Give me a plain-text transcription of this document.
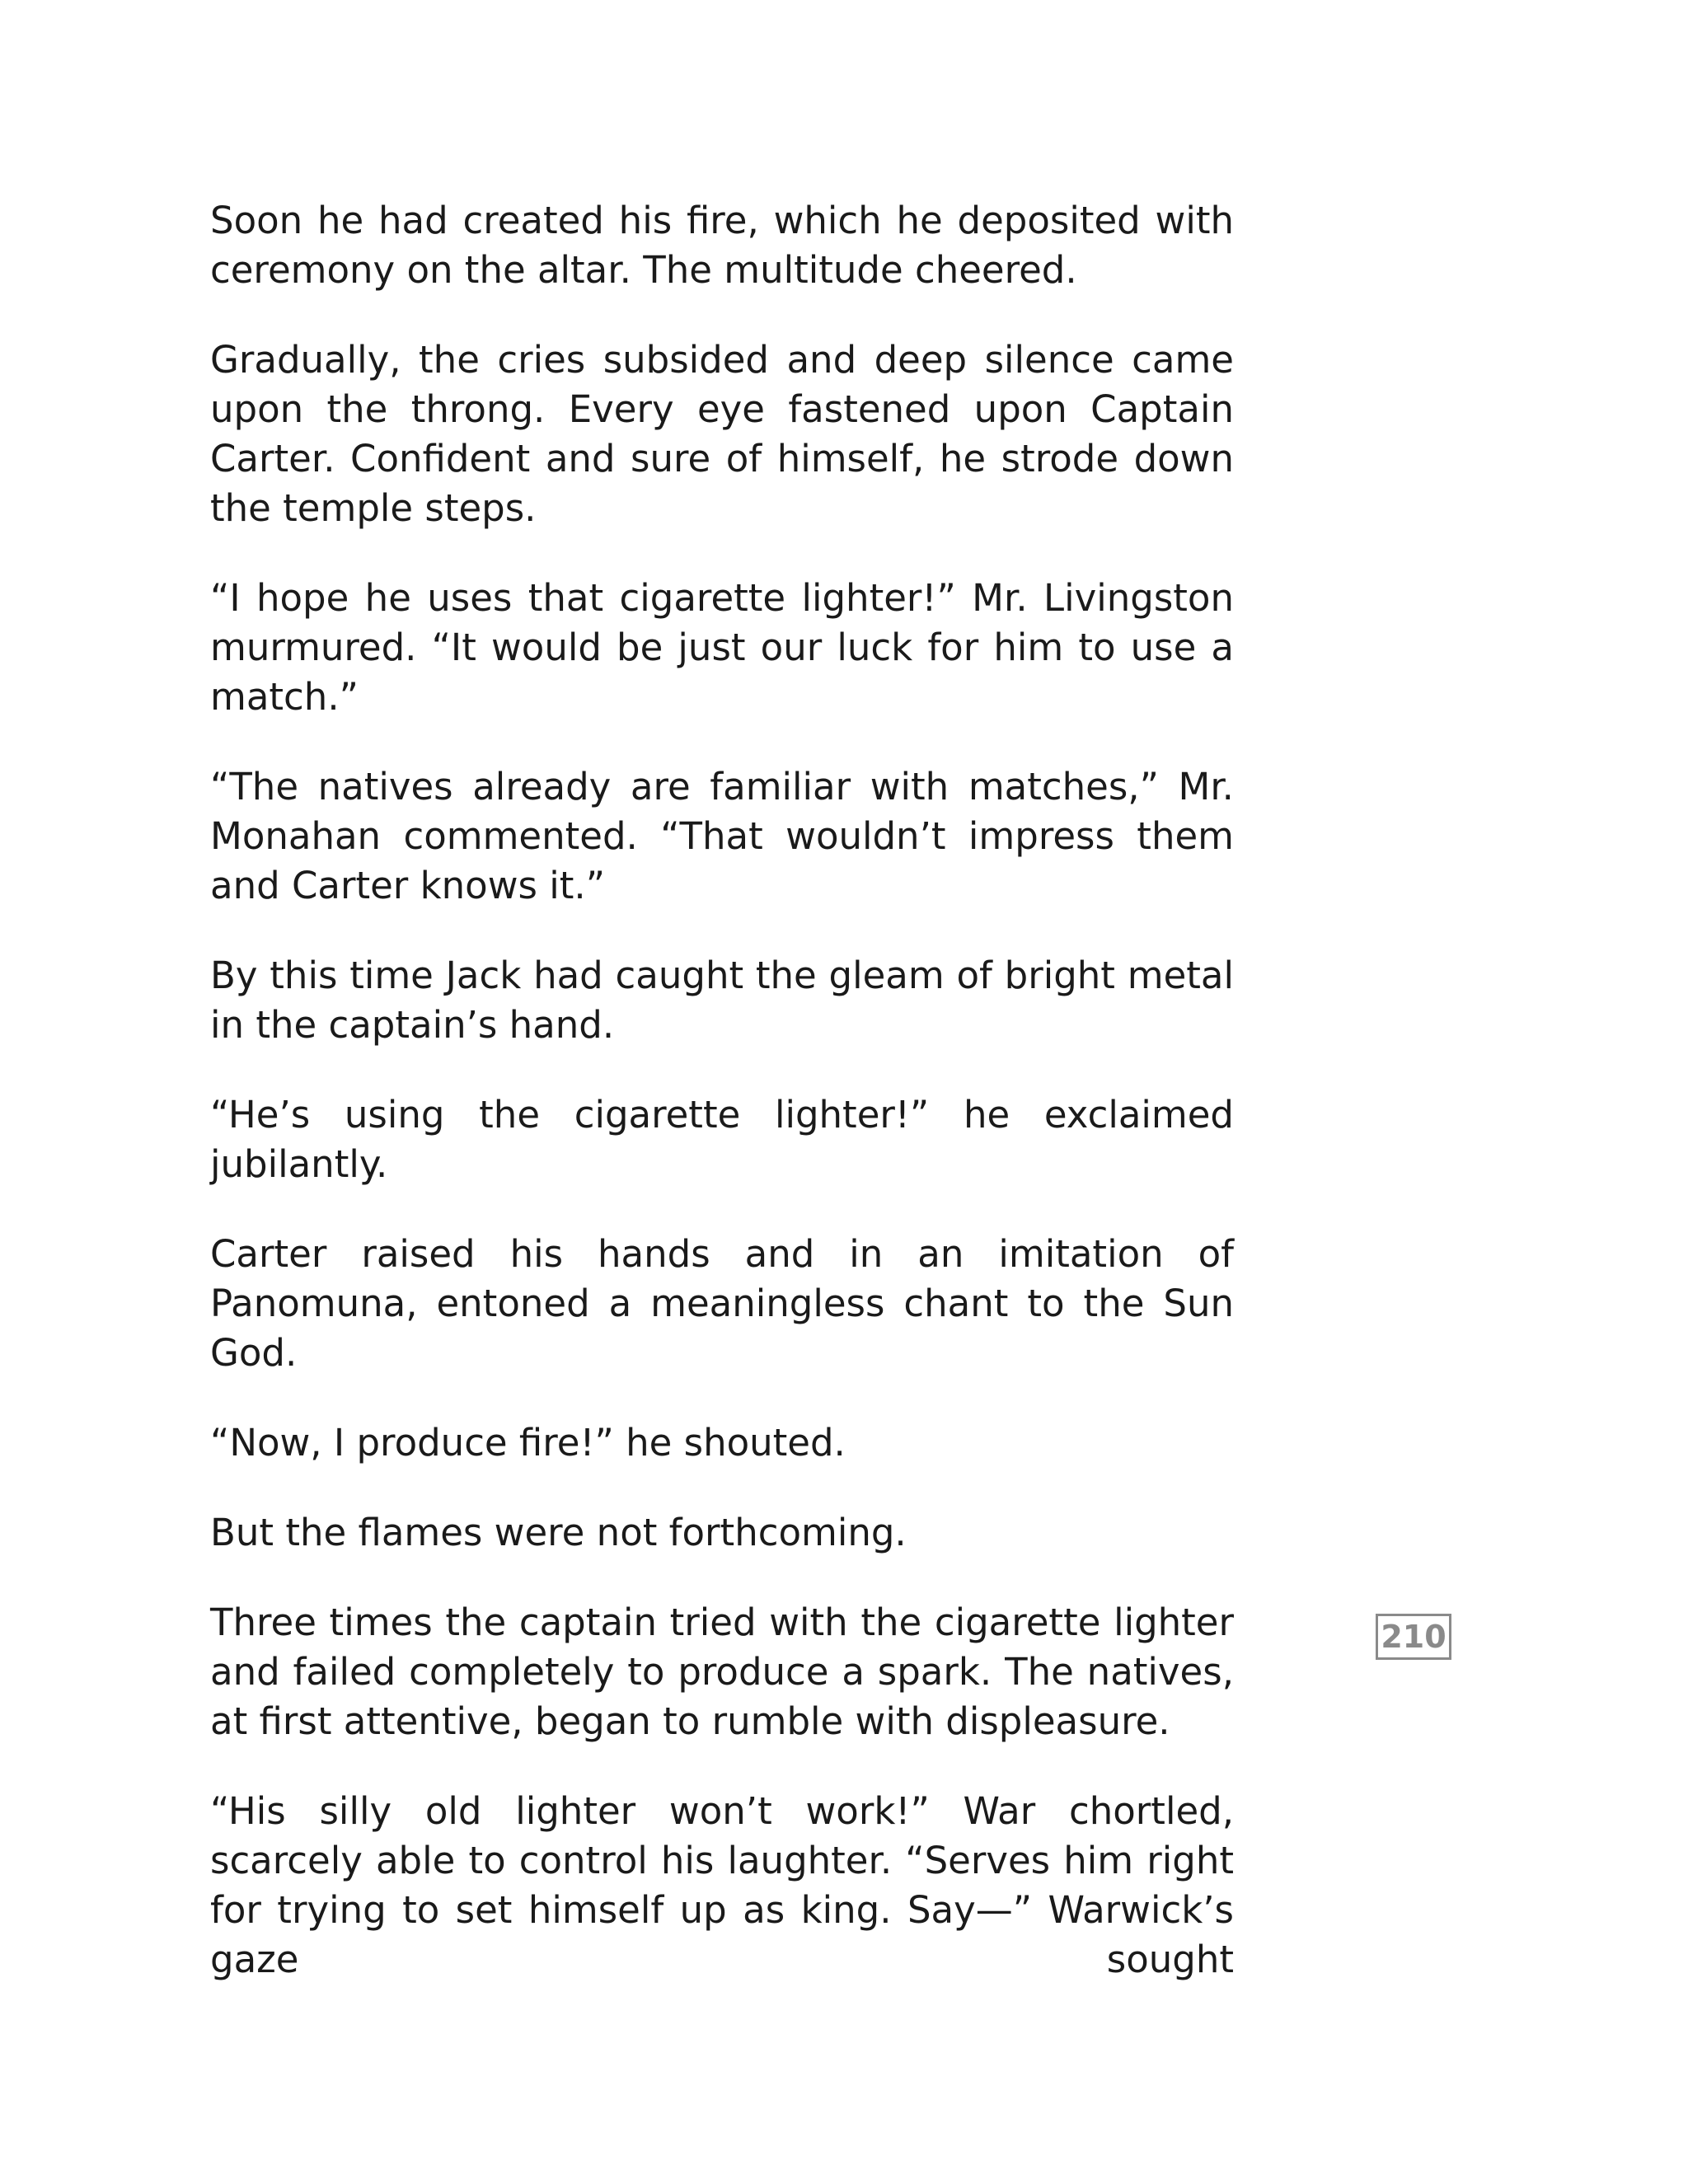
Soon he had created his fire, which he deposited with ceremony on the altar. The multitude cheered.

Gradually, the cries subsided and deep silence came upon the throng. Every eye fastened upon Captain Carter. Confident and sure of himself, he strode down the temple steps.

“I hope he uses that cigarette lighter!” Mr. Livingston murmured. “It would be just our luck for him to use a match.”

“The natives already are familiar with matches,” Mr. Monahan commented. “That wouldn’t impress them and Carter knows it.”

By this time Jack had caught the gleam of bright metal in the captain’s hand.

“He’s using the cigarette lighter!” he exclaimed jubilantly.

Carter raised his hands and in an imitation of Panomuna, entoned a meaningless chant to the Sun God.

“Now, I produce fire!” he shouted.

But the flames were not forthcoming.

Three times the captain tried with the cigarette lighter and failed completely to produce a spark. The natives, at first attentive, began to rumble with displeasure.

“His silly old lighter won’t work!” War chortled, scarcely able to control his laughter. “Serves him right for trying to set himself up as king. Say—” Warwick’s gaze sought

210
